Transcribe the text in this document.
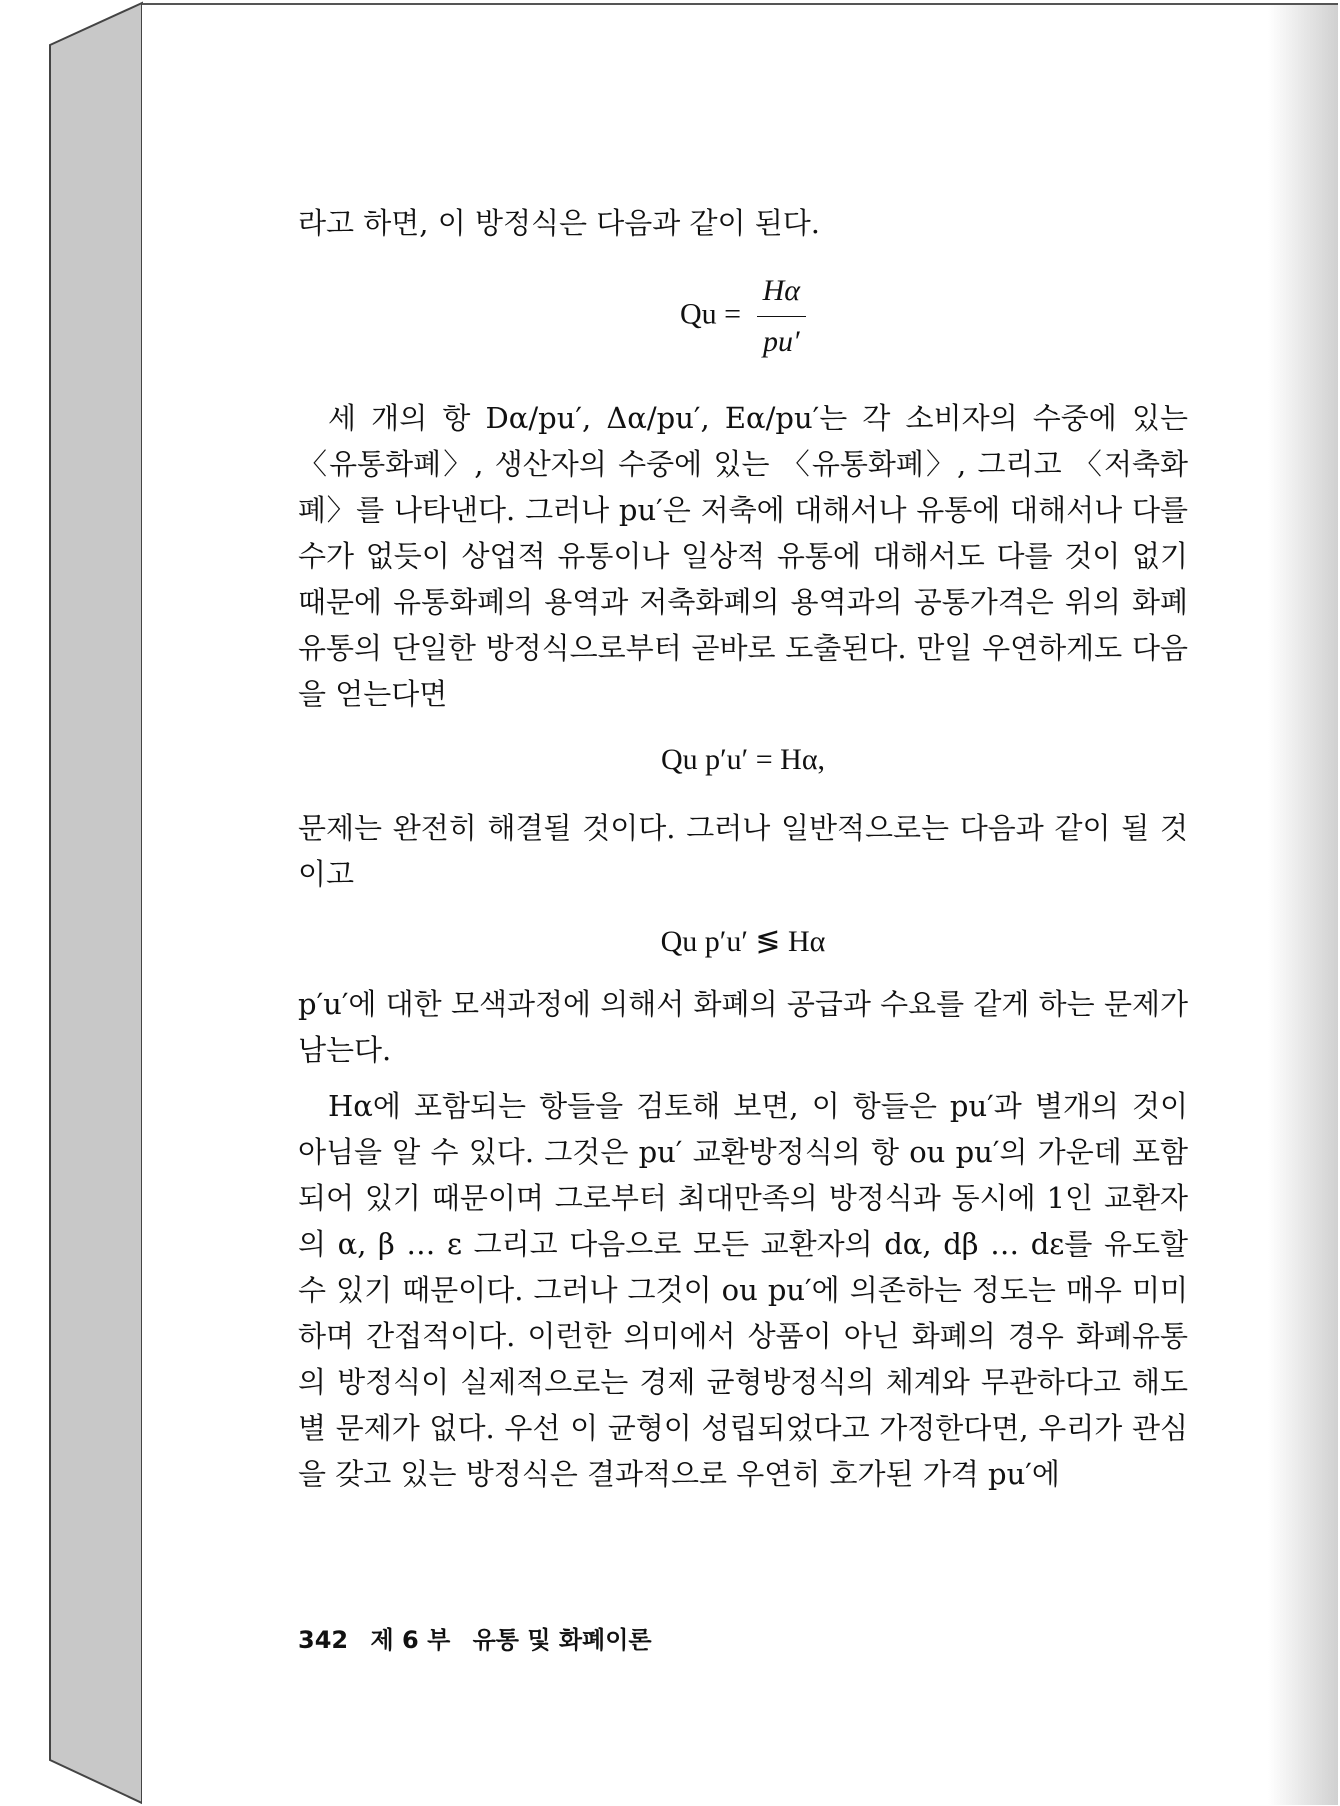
라고 하면, 이 방정식은 다음과 같이 된다.

$Qu = \frac{H\alpha}{pu'}$

세 개의 항 Dα/pu′, Δα/pu′, Eα/pu′는 각 소비자의 수중에 있는 〈유통화폐〉, 생산자의 수중에 있는 〈유통화폐〉, 그리고 〈저축화폐〉를 나타낸다. 그러나 pu′은 저축에 대해서나 유통에 대해서나 다를 수가 없듯이 상업적 유통이나 일상적 유통에 대해서도 다를 것이 없기 때문에 유통화폐의 용역과 저축화폐의 용역과의 공통가격은 위의 화폐 유통의 단일한 방정식으로부터 곧바로 도출된다. 만일 우연하게도 다음을 얻는다면

Qu p′u′ = Hα,

문제는 완전히 해결될 것이다. 그러나 일반적으로는 다음과 같이 될 것이고

Qu p′u′ ≶ Hα

p′u′에 대한 모색과정에 의해서 화폐의 공급과 수요를 같게 하는 문제가 남는다.

Hα에 포함되는 항들을 검토해 보면, 이 항들은 pu′과 별개의 것이 아님을 알 수 있다. 그것은 pu′ 교환방정식의 항 ou pu′의 가운데 포함되어 있기 때문이며 그로부터 최대만족의 방정식과 동시에 1인 교환자의 α, β … ε 그리고 다음으로 모든 교환자의 dα, dβ … dε를 유도할 수 있기 때문이다. 그러나 그것이 ou pu′에 의존하는 정도는 매우 미미하며 간접적이다. 이런한 의미에서 상품이 아닌 화폐의 경우 화폐유통의 방정식이 실제적으로는 경제 균형방정식의 체계와 무관하다고 해도 별 문제가 없다. 우선 이 균형이 성립되었다고 가정한다면, 우리가 관심을 갖고 있는 방정식은 결과적으로 우연히 호가된 가격 pu′에

342 제 6 부 유통 및 화폐이론
